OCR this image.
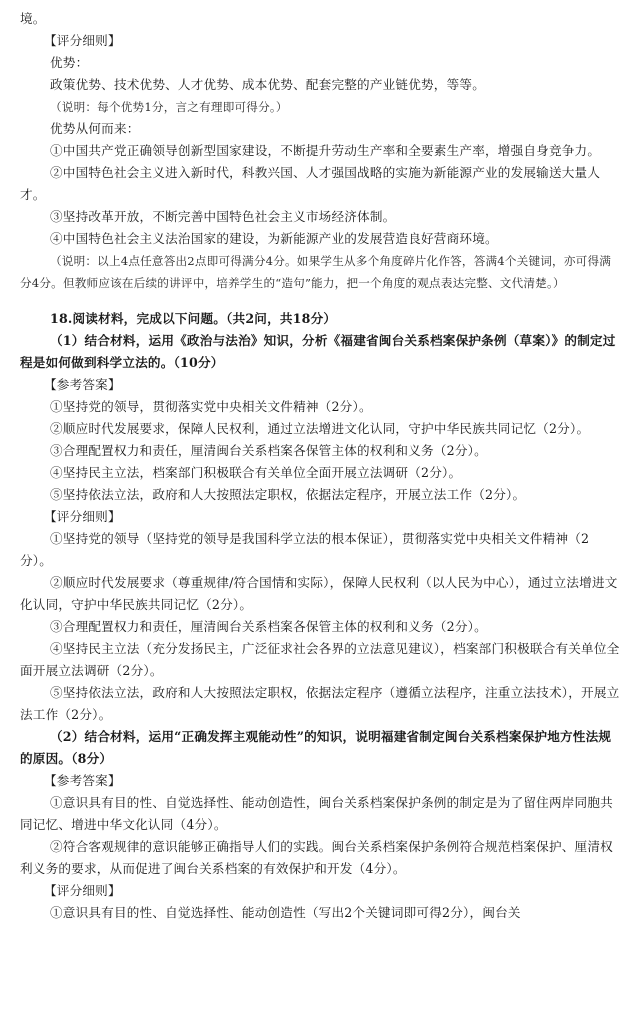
境。

【评分细则】

优势：

政策优势、技术优势、人才优势、成本优势、配套完整的产业链优势，等等。

（说明：每个优势1分，言之有理即可得分。）

优势从何而来：

①中国共产党正确领导创新型国家建设，不断提升劳动生产率和全要素生产率，增强自身竞争力。

②中国特色社会主义进入新时代，科教兴国、人才强国战略的实施为新能源产业的发展输送大量人才。

③坚持改革开放，不断完善中国特色社会主义市场经济体制。

④中国特色社会主义法治国家的建设，为新能源产业的发展营造良好营商环境。

（说明：以上4点任意答出2点即可得满分4分。如果学生从多个角度碎片化作答，答满4个关键词，亦可得满分4分。但教师应该在后续的讲评中，培养学生的“造句”能力，把一个角度的观点表达完整、文代清楚。）

18.阅读材料，完成以下问题。（共2问，共18分）

（1）结合材料，运用《政治与法治》知识，分析《福建省闽台关系档案保护条例（草案）》的制定过程是如何做到科学立法的。（10分）

【参考答案】

①坚持党的领导，贯彻落实党中央相关文件精神（2分）。

②顺应时代发展要求，保障人民权利，通过立法增进文化认同，守护中华民族共同记忆（2分）。

③合理配置权力和责任，厘清闽台关系档案各保管主体的权利和义务（2分）。

④坚持民主立法，档案部门积极联合有关单位全面开展立法调研（2分）。

⑤坚持依法立法，政府和人大按照法定职权，依据法定程序，开展立法工作（2分）。

【评分细则】

①坚持党的领导（坚持党的领导是我国科学立法的根本保证），贯彻落实党中央相关文件精神（2分）。

②顺应时代发展要求（尊重规律/符合国情和实际），保障人民权利（以人民为中心），通过立法增进文化认同，守护中华民族共同记忆（2分）。

③合理配置权力和责任，厘清闽台关系档案各保管主体的权利和义务（2分）。

④坚持民主立法（充分发扬民主，广泛征求社会各界的立法意见建议），档案部门积极联合有关单位全面开展立法调研（2分）。

⑤坚持依法立法，政府和人大按照法定职权，依据法定程序（遵循立法程序，注重立法技术），开展立法工作（2分）。

（2）结合材料，运用“正确发挥主观能动性”的知识，说明福建省制定闽台关系档案保护地方性法规的原因。（8分）

【参考答案】

①意识具有目的性、自觉选择性、能动创造性，闽台关系档案保护条例的制定是为了留住两岸同胞共同记忆、增进中华文化认同（4分）。

②符合客观规律的意识能够正确指导人们的实践。闽台关系档案保护条例符合规范档案保护、厘清权利义务的要求，从而促进了闽台关系档案的有效保护和开发（4分）。

【评分细则】

①意识具有目的性、自觉选择性、能动创造性（写出2个关键词即可得2分），闽台关
